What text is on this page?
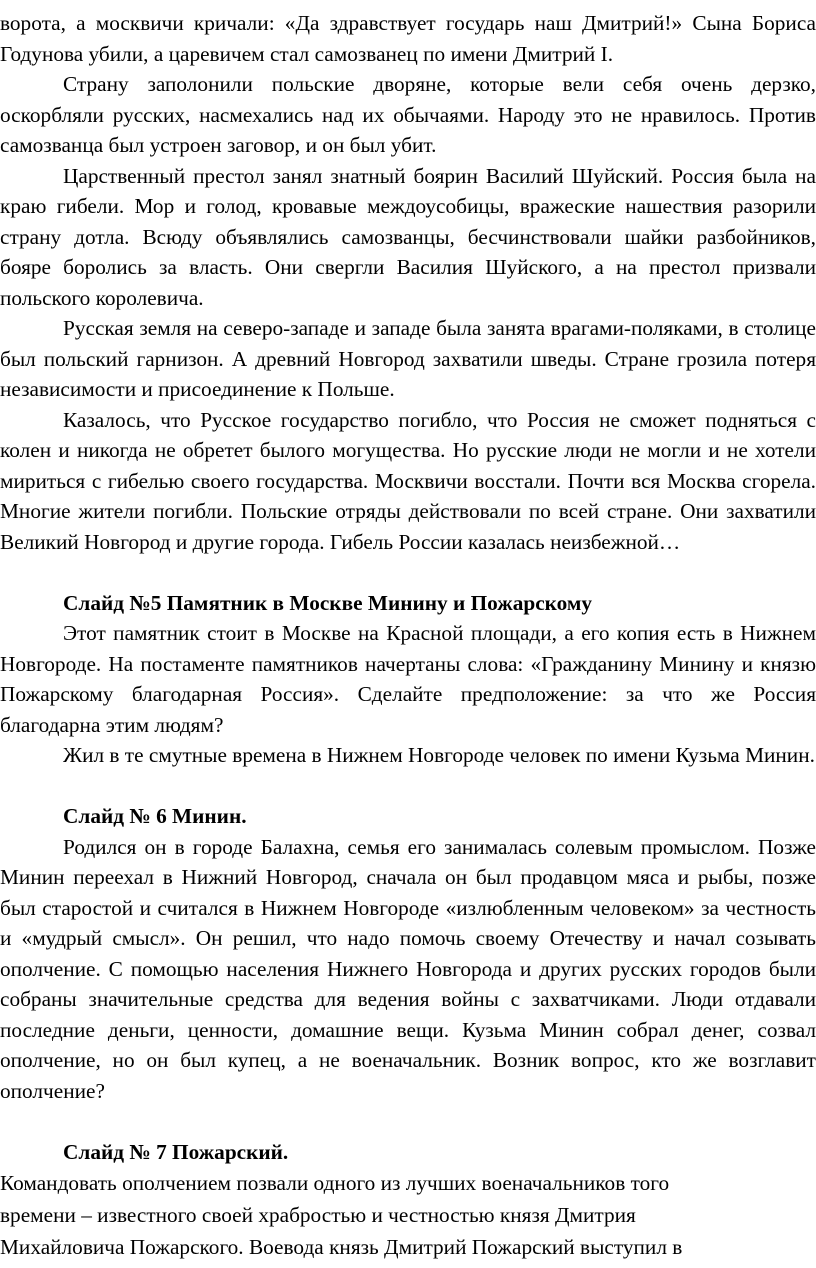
ворота, а москвичи кричали: «Да здравствует государь наш Дмитрий!» Сына Бориса Годунова убили, а царевичем стал самозванец по имени Дмитрий I.

Страну заполонили польские дворяне, которые вели себя очень дерзко, оскорбляли русских, насмехались над их обычаями. Народу это не нравилось. Против самозванца был устроен заговор, и он был убит.

Царственный престол занял знатный боярин Василий Шуйский. Россия была на краю гибели. Мор и голод, кровавые междоусобицы, вражеские нашествия разорили страну дотла. Всюду объявлялись самозванцы, бесчинствовали шайки разбойников, бояре боролись за власть. Они свергли Василия Шуйского, а на престол призвали польского королевича.

Русская земля на северо-западе и западе была занята врагами-поляками, в столице был польский гарнизон. А древний Новгород захватили шведы. Стране грозила потеря независимости и присоединение к Польше.

Казалось, что Русское государство погибло, что Россия не сможет подняться с колен и никогда не обретет былого могущества. Но русские люди не могли и не хотели мириться с гибелью своего государства. Москвичи восстали. Почти вся Москва сгорела. Многие жители погибли. Польские отряды действовали по всей стране. Они захватили Великий Новгород и другие города. Гибель России казалась неизбежной…

Слайд №5 Памятник в Москве Минину и Пожарскому

Этот памятник стоит в Москве на Красной площади, а его копия есть в Нижнем Новгороде. На постаменте памятников начертаны слова: «Гражданину Минину и князю Пожарскому благодарная Россия». Сделайте предположение: за что же Россия благодарна этим людям?

Жил в те смутные времена в Нижнем Новгороде человек по имени Кузьма Минин.

Слайд № 6 Минин.

Родился он в городе Балахна, семья его занималась солевым промыслом. Позже Минин переехал в Нижний Новгород, сначала он был продавцом мяса и рыбы, позже был старостой и считался в Нижнем Новгороде «излюбленным человеком» за честность и «мудрый смысл». Он решил, что надо помочь своему Отечеству и начал созывать ополчение. С помощью населения Нижнего Новгорода и других русских городов были собраны значительные средства для ведения войны с захватчиками. Люди отдавали последние деньги, ценности, домашние вещи. Кузьма Минин собрал денег, созвал ополчение, но он был купец, а не военачальник. Возник вопрос, кто же возглавит ополчение?

Слайд № 7 Пожарский.

Командовать ополчением позвали одного из лучших военачальников того

времени – известного своей храбростью и честностью князя Дмитрия

Михайловича Пожарского. Воевода князь Дмитрий Пожарский выступил в
